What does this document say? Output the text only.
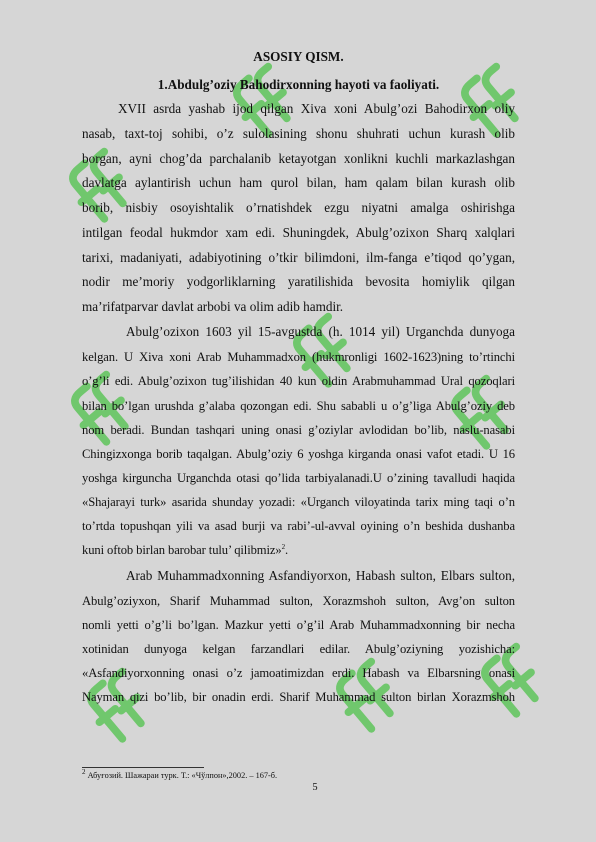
ASOSIY QISM.
1.Abdulg’oziy Bahodirxonning hayoti va faoliyati.
XVII asrda yashab ijod qilgan Xiva xoni Abulg’ozi Bahodirxon oliy
nasab, taxt-toj sohibi, o’z sulolasining shonu shuhrati uchun kurash olib
borgan, ayni chog’da parchalanib ketayotgan xonlikni kuchli markazlashgan
davlatga aylantirish uchun ham qurol bilan, ham qalam bilan kurash olib
borib, nisbiy osoyishtalik o’rnatishdek ezgu niyatni amalga oshirishga
intilgan feodal hukmdor xam edi. Shuningdek, Abulg’ozixon Sharq xalqlari
tarixi, madaniyati, adabiyotining o’tkir bilimdoni, ilm-fanga e’tiqod qo’ygan,
nodir me’moriy yodgorliklarning yaratilishida bevosita homiylik qilgan
ma’rifatparvar davlat arbobi va olim adib hamdir.
Abulg’ozixon 1603 yil 15-avgustda (h. 1014 yil) Urganchda dunyoga
kelgan. U Xiva xoni Arab Muhammadxon (hukmronligi 1602-1623)ning to’rtinchi
o’g’li edi. Abulg’ozixon tug’ilishidan 40 kun oldin Arabmuhammad Ural qozoqlari
bilan bo’lgan urushda g’alaba qozongan edi. Shu sababli u o’g’liga Abulg’oziy deb
nom beradi. Bundan tashqari uning onasi g’oziylar avlodidan bo’lib, naslu-nasabi
Chingizxonga borib taqalgan. Abulg’oziy 6 yoshga kirganda onasi vafot etadi. U 16
yoshga kirguncha Urganchda otasi qo’lida tarbiyalanadi.U o’zining tavalludi haqida
«Shajarayi turk» asarida shunday yozadi: «Urganch viloyatinda tarix ming taqi o’n
to’rtda topushqan yili va asad burji va rabi’-ul-avval oyining o’n beshida dushanba
kuni oftob birlan barobar tulu’ qilibmiz»$^2$.
Arab Muhammadxonning Asfandiyorxon, Habash sulton, Elbars sulton,
Abulg’oziyxon, Sharif Muhammad sulton, Xorazmshoh sulton, Avg’on sulton
nomli yetti o’g’li bo’lgan. Mazkur yetti o’g’il Arab Muhammadxonning bir necha
xotinidan dunyoga kelgan farzandlari edilar. Abulg’oziyning yozishicha:
«Asfandiyorxonning onasi o’z jamoatimizdan erdi. Habash va Elbarsning onasi
Nayman qizi bo’lib, bir onadin erdi. Sharif Muhammad sulton birlan Xorazmshoh
$^2$ Абуғозий. Шажараи турк. Т.: «Чўлпон»,2002. – 167-б.
5
